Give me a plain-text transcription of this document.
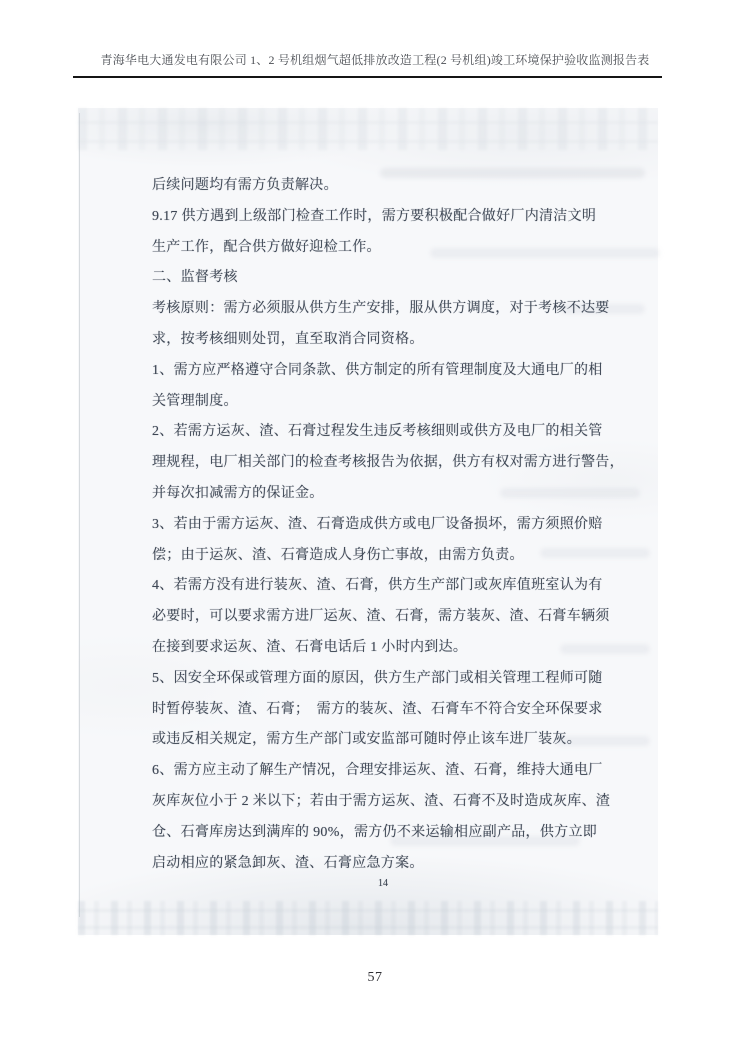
青海华电大通发电有限公司 1、2 号机组烟气超低排放改造工程(2 号机组)竣工环境保护验收监测报告表
后续问题均有需方负责解决。
9.17 供方遇到上级部门检查工作时，需方要积极配合做好厂内清洁文明
生产工作，配合供方做好迎检工作。
二、监督考核
考核原则：需方必须服从供方生产安排，服从供方调度，对于考核不达要
求，按考核细则处罚，直至取消合同资格。
1、需方应严格遵守合同条款、供方制定的所有管理制度及大通电厂的相
关管理制度。
2、若需方运灰、渣、石膏过程发生违反考核细则或供方及电厂的相关管
理规程，电厂相关部门的检查考核报告为依据，供方有权对需方进行警告，
并每次扣减需方的保证金。
3、若由于需方运灰、渣、石膏造成供方或电厂设备损坏，需方须照价赔
偿；由于运灰、渣、石膏造成人身伤亡事故，由需方负责。
4、若需方没有进行装灰、渣、石膏，供方生产部门或灰库值班室认为有
必要时，可以要求需方进厂运灰、渣、石膏，需方装灰、渣、石膏车辆须
在接到要求运灰、渣、石膏电话后 1 小时内到达。
5、因安全环保或管理方面的原因，供方生产部门或相关管理工程师可随
时暂停装灰、渣、石膏；　需方的装灰、渣、石膏车不符合安全环保要求
或违反相关规定，需方生产部门或安监部可随时停止该车进厂装灰。
6、需方应主动了解生产情况，合理安排运灰、渣、石膏，维持大通电厂
灰库灰位小于 2 米以下；若由于需方运灰、渣、石膏不及时造成灰库、渣
仓、石膏库房达到满库的 90%，需方仍不来运输相应副产品，供方立即
启动相应的紧急卸灰、渣、石膏应急方案。
14
57
